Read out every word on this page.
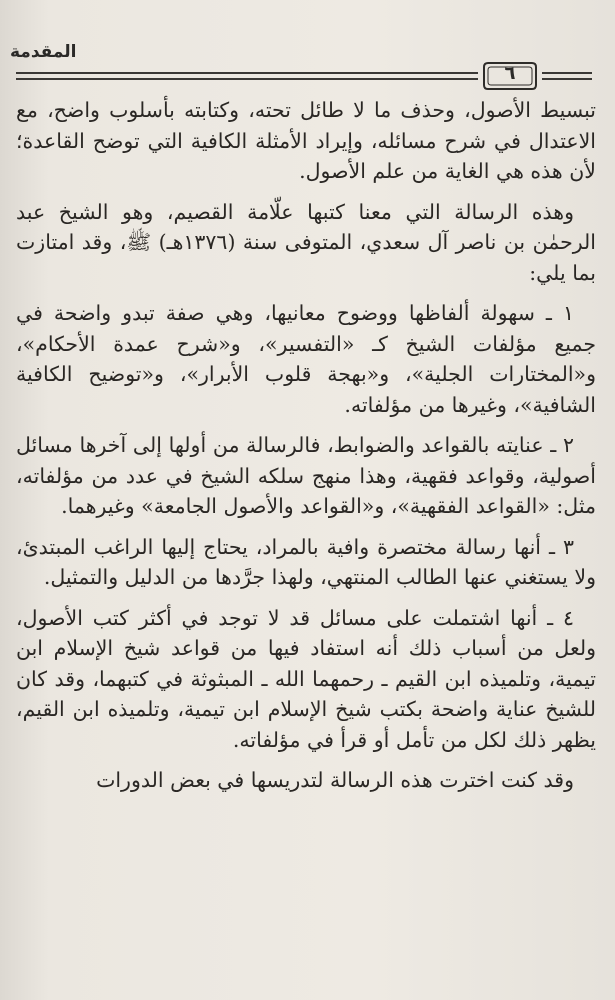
المقدمة
٦

تبسيط الأصول، وحذف ما لا طائل تحته، وكتابته بأسلوب واضح، مع الاعتدال في شرح مسائله، وإيراد الأمثلة الكافية التي توضح القاعدة؛ لأن هذه هي الغاية من علم الأصول.

وهذه الرسالة التي معنا كتبها علّامة القصيم، وهو الشيخ عبد الرحمٰن بن ناصر آل سعدي، المتوفى سنة (١٣٧٦هـ) ﷺ، وقد امتازت بما يلي:

١ ـ سهولة ألفاظها ووضوح معانيها، وهي صفة تبدو واضحة في جميع مؤلفات الشيخ كـ «التفسير»، و«شرح عمدة الأحكام»، و«المختارات الجلية»، و«بهجة قلوب الأبرار»، و«توضيح الكافية الشافية»، وغيرها من مؤلفاته.

٢ ـ عنايته بالقواعد والضوابط، فالرسالة من أولها إلى آخرها مسائل أصولية، وقواعد فقهية، وهذا منهج سلكه الشيخ في عدد من مؤلفاته، مثل: «القواعد الفقهية»، و«القواعد والأصول الجامعة» وغيرهما.

٣ ـ أنها رسالة مختصرة وافية بالمراد، يحتاج إليها الراغب المبتدئ، ولا يستغني عنها الطالب المنتهي، ولهذا جرَّدها من الدليل والتمثيل.

٤ ـ أنها اشتملت على مسائل قد لا توجد في أكثر كتب الأصول، ولعل من أسباب ذلك أنه استفاد فيها من قواعد شيخ الإسلام ابن تيمية، وتلميذه ابن القيم ـ رحمهما الله ـ المبثوثة في كتبهما، وقد كان للشيخ عناية واضحة بكتب شيخ الإسلام ابن تيمية، وتلميذه ابن القيم، يظهر ذلك لكل من تأمل أو قرأ في مؤلفاته.

وقد كنت اخترت هذه الرسالة لتدريسها في بعض الدورات
